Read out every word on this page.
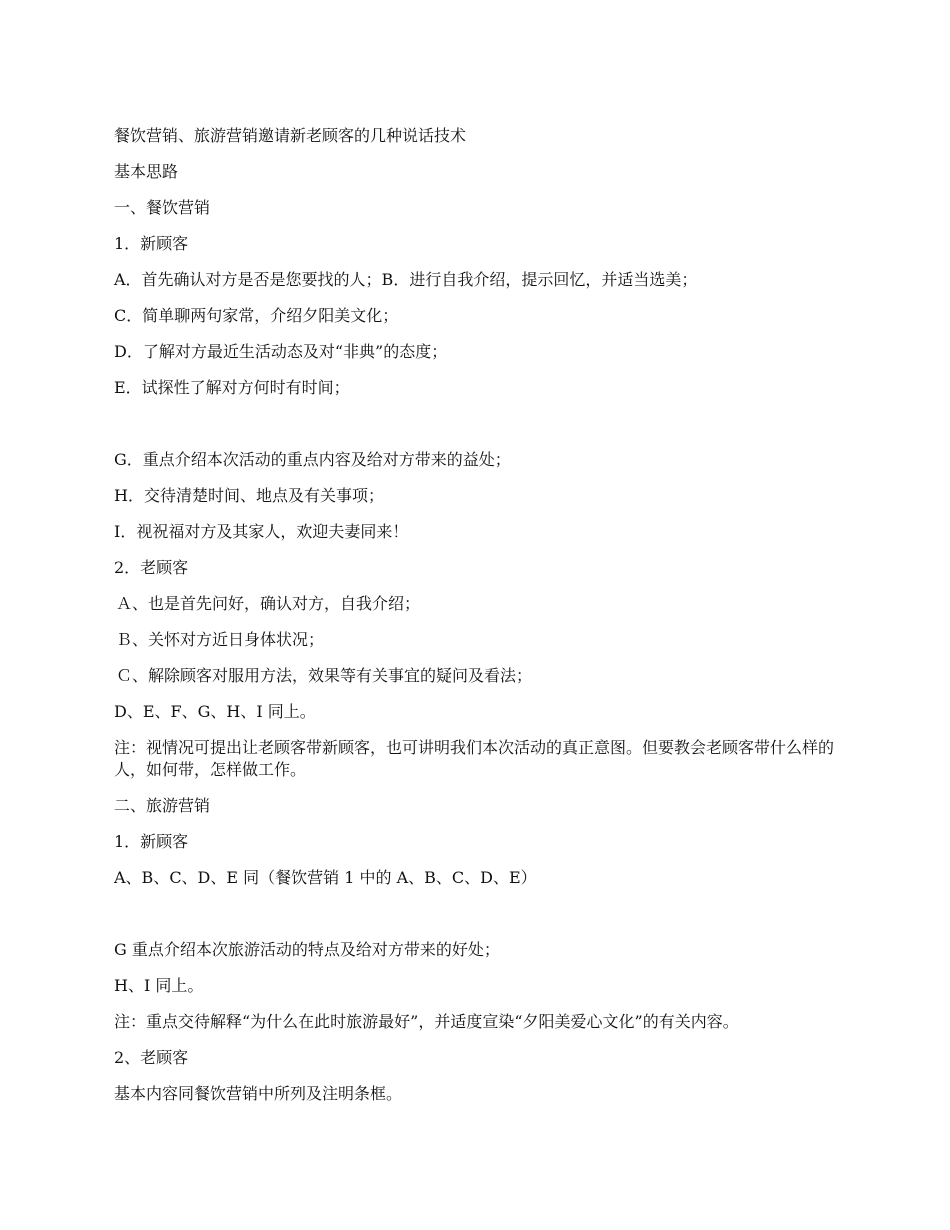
餐饮营销、旅游营销邀请新老顾客的几种说话技术
基本思路
一、餐饮营销
1．新顾客
A．首先确认对方是否是您要找的人；B．进行自我介绍，提示回忆，并适当选美；
C．简单聊两句家常，介绍夕阳美文化；
D．了解对方最近生活动态及对“非典”的态度；
E．试探性了解对方何时有时间；
G．重点介绍本次活动的重点内容及给对方带来的益处；
H．交待清楚时间、地点及有关事项；
I．视祝福对方及其家人，欢迎夫妻同来！
2．老顾客
Ａ、也是首先问好，确认对方，自我介绍；
Ｂ、关怀对方近日身体状况；
Ｃ、解除顾客对服用方法，效果等有关事宜的疑问及看法；
D、E、F、G、H、I 同上。
注：视情况可提出让老顾客带新顾客，也可讲明我们本次活动的真正意图。但要教会老顾客带什么样的人，如何带，怎样做工作。
二、旅游营销
1．新顾客
A、B、C、D、E 同（餐饮营销 1 中的 A、B、C、D、E）
G 重点介绍本次旅游活动的特点及给对方带来的好处；
H、I 同上。
注：重点交待解释“为什么在此时旅游最好”，并适度宣染“夕阳美爱心文化”的有关内容。
2、老顾客
基本内容同餐饮营销中所列及注明条框。
